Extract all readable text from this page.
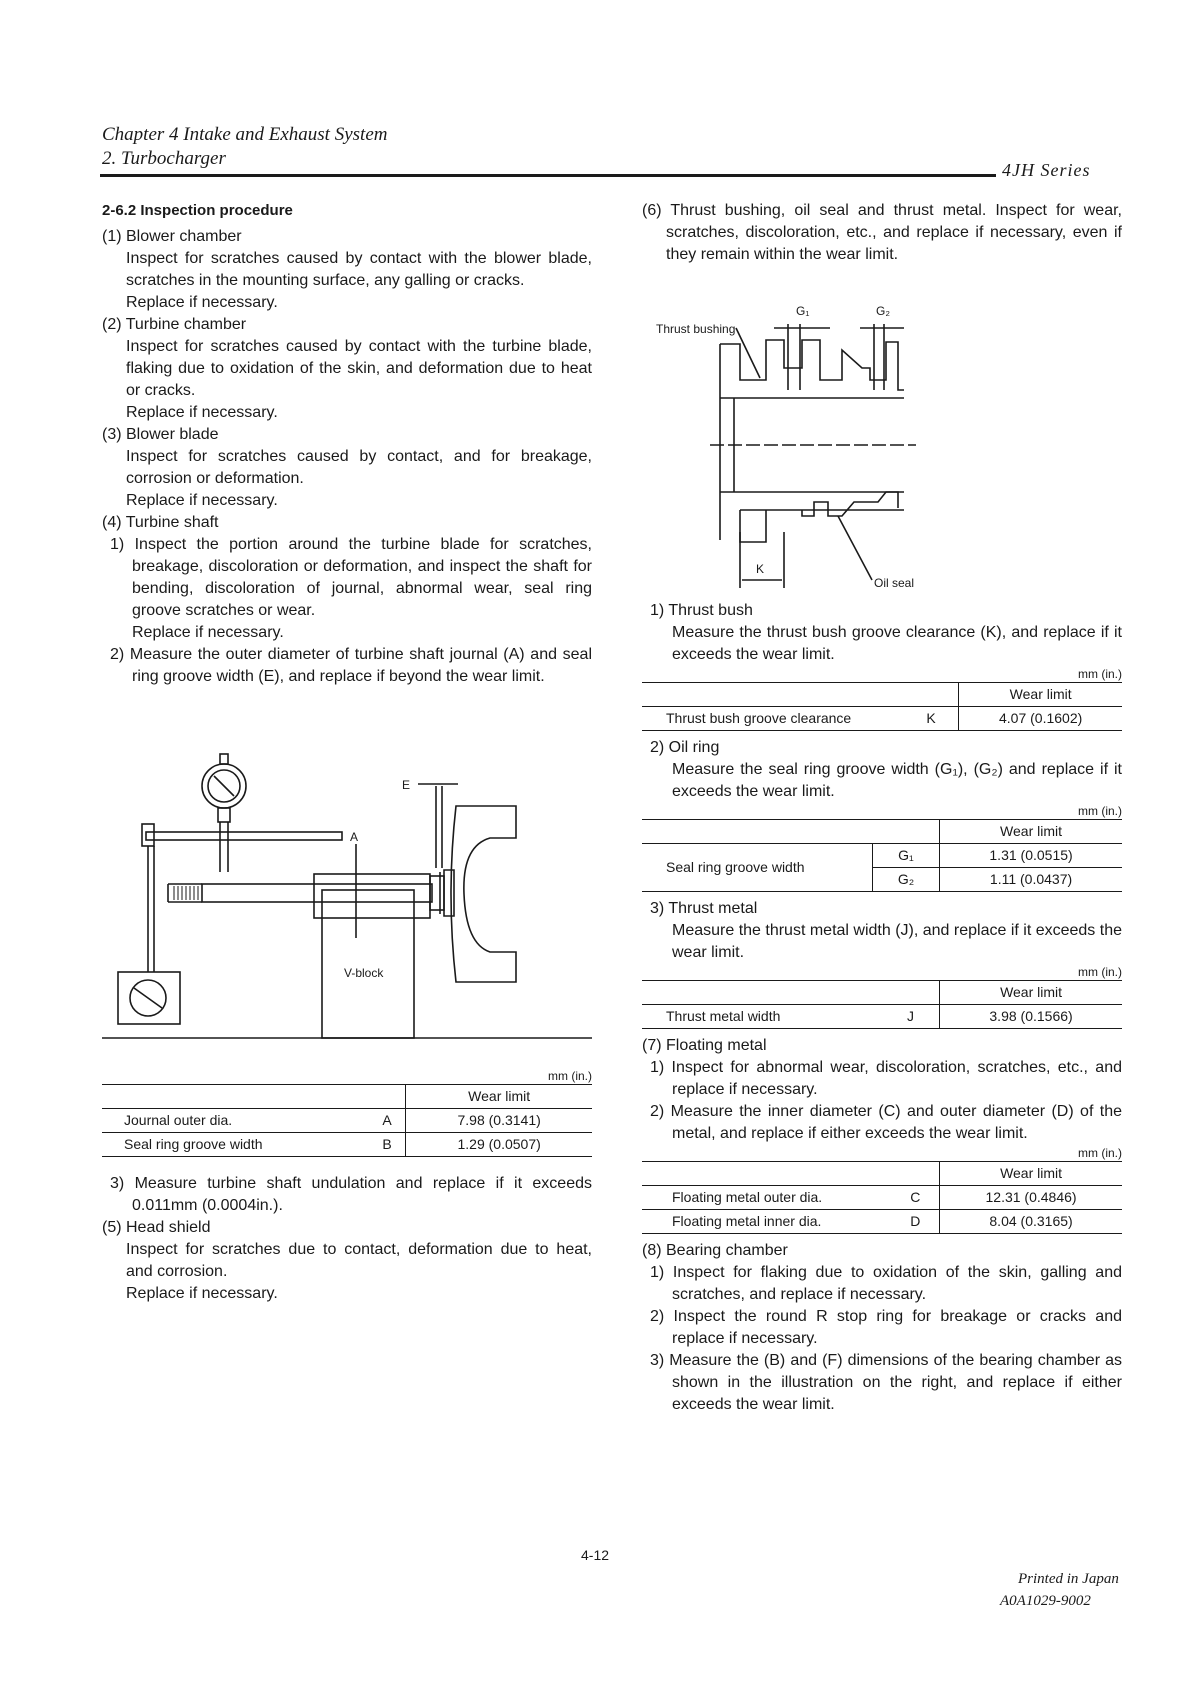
Chapter 4 Intake and Exhaust System
2. Turbocharger
4JH Series
2-6.2 Inspection procedure
(1) Blower chamber

Inspect for scratches caused by contact with the blower blade, scratches in the mounting surface, any galling or cracks.

Replace if necessary.

(2) Turbine chamber

Inspect for scratches caused by contact with the turbine blade, flaking due to oxidation of the skin, and deformation due to heat or cracks.

Replace if necessary.

(3) Blower blade

Inspect for scratches caused by contact, and for breakage, corrosion or deformation.

Replace if necessary.

(4) Turbine shaft

1) Inspect the portion around the turbine blade for scratches, breakage, discoloration or deformation, and inspect the shaft for bending, discoloration of journal, abnormal wear, seal ring groove scratches or wear.

Replace if necessary.

2) Measure the outer diameter of turbine shaft journal (A) and seal ring groove width (E), and replace if beyond the wear limit.

E
A
V-block
mm (in.)
		Wear limit
Journal outer dia.	A	7.98 (0.3141)
Seal ring groove width	B	1.29 (0.0507)

3) Measure turbine shaft undulation and replace if it exceeds 0.011mm (0.0004in.).

(5) Head shield

Inspect for scratches due to contact, deformation due to heat, and corrosion.

Replace if necessary.

(6) Thrust bushing, oil seal and thrust metal. Inspect for wear, scratches, discoloration, etc., and replace if necessary, even if they remain within the wear limit.

Thrust bushing
G₁	G₂
K
Oil seal
1) Thrust bush

Measure the thrust bush groove clearance (K), and replace if it exceeds the wear limit.

mm (in.)
		Wear limit
Thrust bush groove clearance	K	4.07 (0.1602)
2) Oil ring

Measure the seal ring groove width (G₁), (G₂) and replace if it exceeds the wear limit.

mm (in.)
		Wear limit
Seal ring groove width	G₁	1.31 (0.0515)
	G₂	1.11 (0.0437)
3) Thrust metal

Measure the thrust metal width (J), and replace if it exceeds the wear limit.

mm (in.)
		Wear limit
Thrust metal width	J	3.98 (0.1566)
(7) Floating metal

1) Inspect for abnormal wear, discoloration, scratches, etc., and replace if necessary.

2) Measure the inner diameter (C) and outer diameter (D) of the metal, and replace if either exceeds the wear limit.

mm (in.)
		Wear limit
Floating metal outer dia.	C	12.31 (0.4846)
Floating metal inner dia.	D	8.04 (0.3165)
(8) Bearing chamber

1) Inspect for flaking due to oxidation of the skin, galling and scratches, and replace if necessary.

2) Inspect the round R stop ring for breakage or cracks and replace if necessary.

3) Measure the (B) and (F) dimensions of the bearing chamber as shown in the illustration on the right, and replace if either exceeds the wear limit.

4-12
Printed in Japan
A0A1029-9002
